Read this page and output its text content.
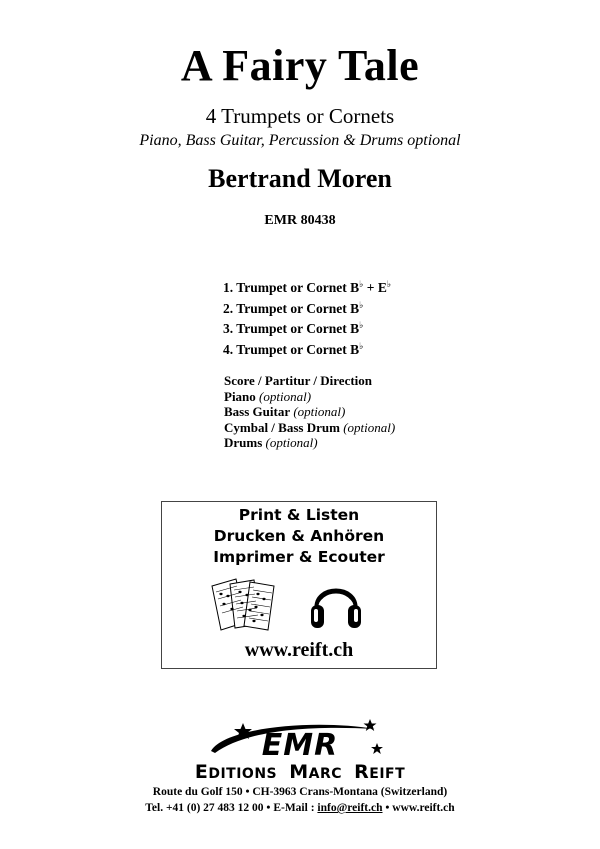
A Fairy Tale
4 Trumpets or Cornets
Piano, Bass Guitar, Percussion & Drums optional
Bertrand Moren
EMR 80438
1. Trumpet or Cornet B♭ + E♭
2. Trumpet or Cornet B♭
3. Trumpet or Cornet B♭
4. Trumpet or Cornet B♭
Score / Partitur / Direction
Piano (optional)
Bass Guitar (optional)
Cymbal / Bass Drum (optional)
Drums (optional)
Print & Listen
Drucken & Anhören
Imprimer & Ecouter
www.reift.ch
EMR
EDITIONS MARC REIFT
Route du Golf 150 • CH-3963 Crans-Montana (Switzerland)
Tel. +41 (0) 27 483 12 00 • E-Mail : info@reift.ch • www.reift.ch
